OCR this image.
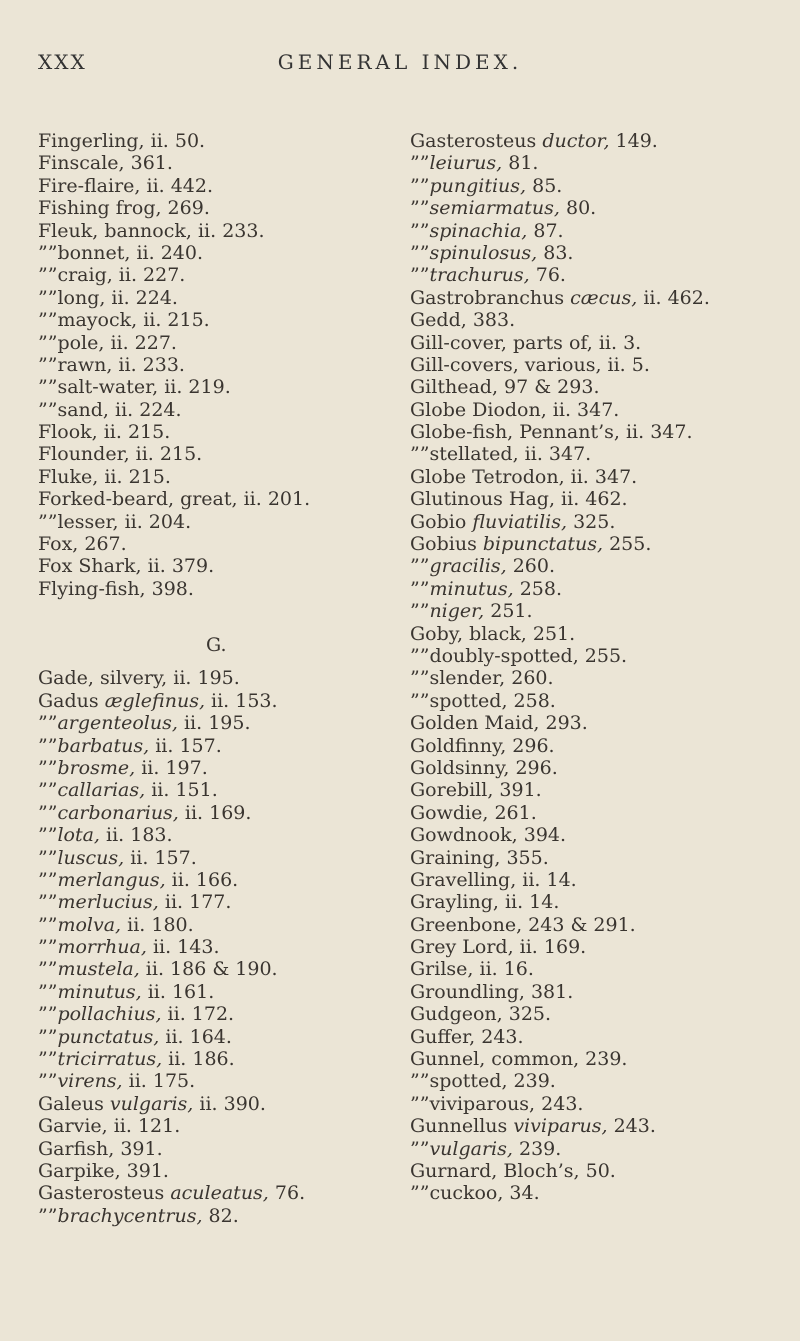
XXX	GENERAL INDEX.
Fingerling, ii. 50.
Finscale, 361.
Fire-flaire, ii. 442.
Fishing frog, 269.
Fleuk, bannock, ii. 233.
””bonnet, ii. 240.
””craig, ii. 227.
””long, ii. 224.
””mayock, ii. 215.
””pole, ii. 227.
””rawn, ii. 233.
””salt-water, ii. 219.
””sand, ii. 224.
Flook, ii. 215.
Flounder, ii. 215.
Fluke, ii. 215.
Forked-beard, great, ii. 201.
””lesser, ii. 204.
Fox, 267.
Fox Shark, ii. 379.
Flying-fish, 398.
G.
Gade, silvery, ii. 195.
Gadus æglefinus, ii. 153.
””argenteolus, ii. 195.
””barbatus, ii. 157.
””brosme, ii. 197.
””callarias, ii. 151.
””carbonarius, ii. 169.
””lota, ii. 183.
””luscus, ii. 157.
””merlangus, ii. 166.
””merlucius, ii. 177.
””molva, ii. 180.
””morrhua, ii. 143.
””mustela, ii. 186 & 190.
””minutus, ii. 161.
””pollachius, ii. 172.
””punctatus, ii. 164.
””tricirratus, ii. 186.
””virens, ii. 175.
Galeus vulgaris, ii. 390.
Garvie, ii. 121.
Garfish, 391.
Garpike, 391.
Gasterosteus aculeatus, 76.
””brachycentrus, 82.
Gasterosteus ductor, 149.
””leiurus, 81.
””pungitius, 85.
””semiarmatus, 80.
””spinachia, 87.
””spinulosus, 83.
””trachurus, 76.
Gastrobranchus cæcus, ii. 462.
Gedd, 383.
Gill-cover, parts of, ii. 3.
Gill-covers, various, ii. 5.
Gilthead, 97 & 293.
Globe Diodon, ii. 347.
Globe-fish, Pennant’s, ii. 347.
””stellated, ii. 347.
Globe Tetrodon, ii. 347.
Glutinous Hag, ii. 462.
Gobio fluviatilis, 325.
Gobius bipunctatus, 255.
””gracilis, 260.
””minutus, 258.
””niger, 251.
Goby, black, 251.
””doubly-spotted, 255.
””slender, 260.
””spotted, 258.
Golden Maid, 293.
Goldfinny, 296.
Goldsinny, 296.
Gorebill, 391.
Gowdie, 261.
Gowdnook, 394.
Graining, 355.
Gravelling, ii. 14.
Grayling, ii. 14.
Greenbone, 243 & 291.
Grey Lord, ii. 169.
Grilse, ii. 16.
Groundling, 381.
Gudgeon, 325.
Guffer, 243.
Gunnel, common, 239.
””spotted, 239.
””viviparous, 243.
Gunnellus viviparus, 243.
””vulgaris, 239.
Gurnard, Bloch’s, 50.
””cuckoo, 34.
